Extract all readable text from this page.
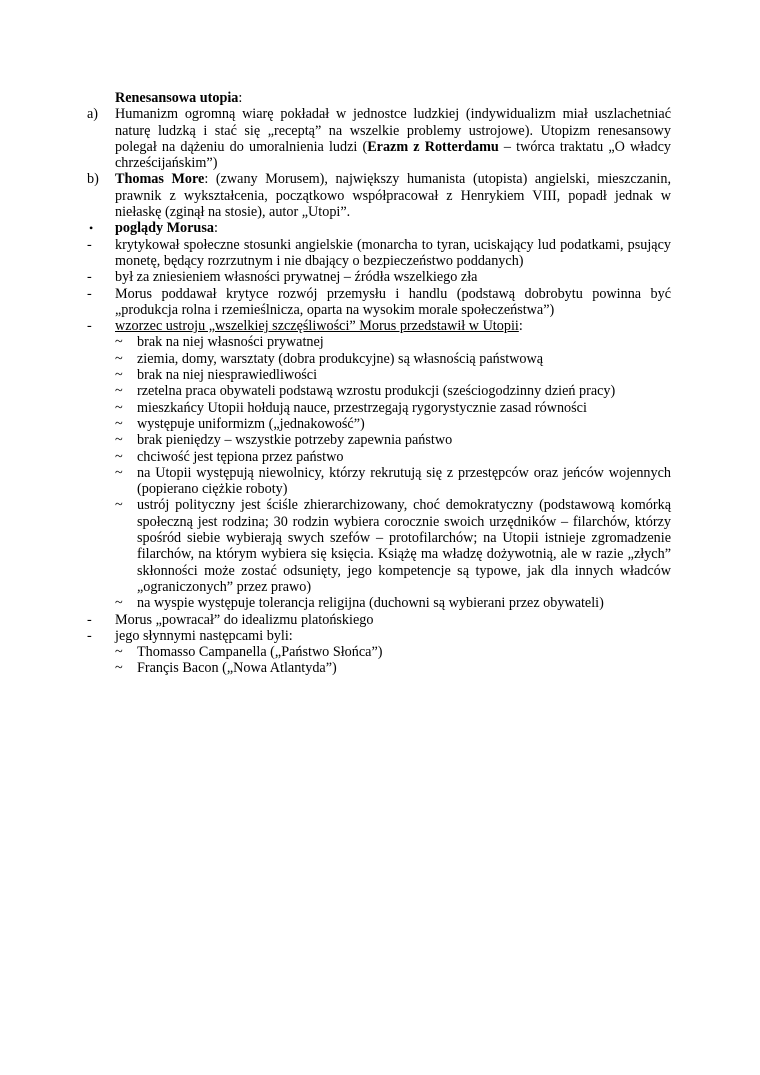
Renesansowa utopia:
a)	Humanizm ogromną wiarę pokładał w jednostce ludzkiej (indywidualizm miał uszlachetniać naturę ludzką i stać się „receptą” na wszelkie problemy ustrojowe). Utopizm renesansowy polegał na dążeniu do umoralnienia ludzi (Erazm z Rotterdamu – twórca traktatu „O władcy chrześcijańskim”)
b)	Thomas More: (zwany Morusem), największy humanista (utopista) angielski, mieszczanin, prawnik z wykształcenia, początkowo współpracował z Henrykiem VIII, popadł jednak w niełaskę (zginął na stosie), autor „Utopi”.
•	poglądy Morusa:
-	krytykował społeczne stosunki angielskie (monarcha to tyran, uciskający lud podatkami, psujący monetę, będący rozrzutnym i nie dbający o bezpieczeństwo poddanych)
-	był za zniesieniem własności prywatnej – źródła wszelkiego zła
-	Morus poddawał krytyce rozwój przemysłu i handlu (podstawą dobrobytu powinna być „produkcja rolna i rzemieślnicza, oparta na wysokim morale społeczeństwa”)
-	wzorzec ustroju „wszelkiej szczęśliwości” Morus przedstawił w Utopii:
~	brak na niej własności prywatnej
~	ziemia, domy, warsztaty (dobra produkcyjne) są własnością państwową
~	brak na niej niesprawiedliwości
~	rzetelna praca obywateli podstawą wzrostu produkcji (sześciogodzinny dzień pracy)
~	mieszkańcy Utopii hołdują nauce, przestrzegają rygorystycznie zasad równości
~	występuje uniformizm („jednakowość”)
~	brak pieniędzy – wszystkie potrzeby zapewnia państwo
~	chciwość jest tępiona przez państwo
~	na Utopii występują niewolnicy, którzy rekrutują się z przestępców oraz jeńców wojennych (popierano ciężkie roboty)
~	ustrój polityczny jest ściśle zhierarchizowany, choć demokratyczny (podstawową komórką społeczną jest rodzina; 30 rodzin wybiera corocznie swoich urzędników – filarchów, którzy spośród siebie wybierają swych szefów – protofilarchów; na Utopii istnieje zgromadzenie filarchów, na którym wybiera się księcia. Książę ma władzę dożywotnią, ale w razie „złych” skłonności może zostać odsunięty, jego kompetencje są typowe, jak dla innych władców „ograniczonych” przez prawo)
~	na wyspie występuje tolerancja religijna (duchowni są wybierani przez obywateli)
-	Morus „powracał” do idealizmu platońskiego
-	jego słynnymi następcami byli:
~	Thomasso Campanella („Państwo Słońca”)
~	Françis Bacon („Nowa Atlantyda”)
